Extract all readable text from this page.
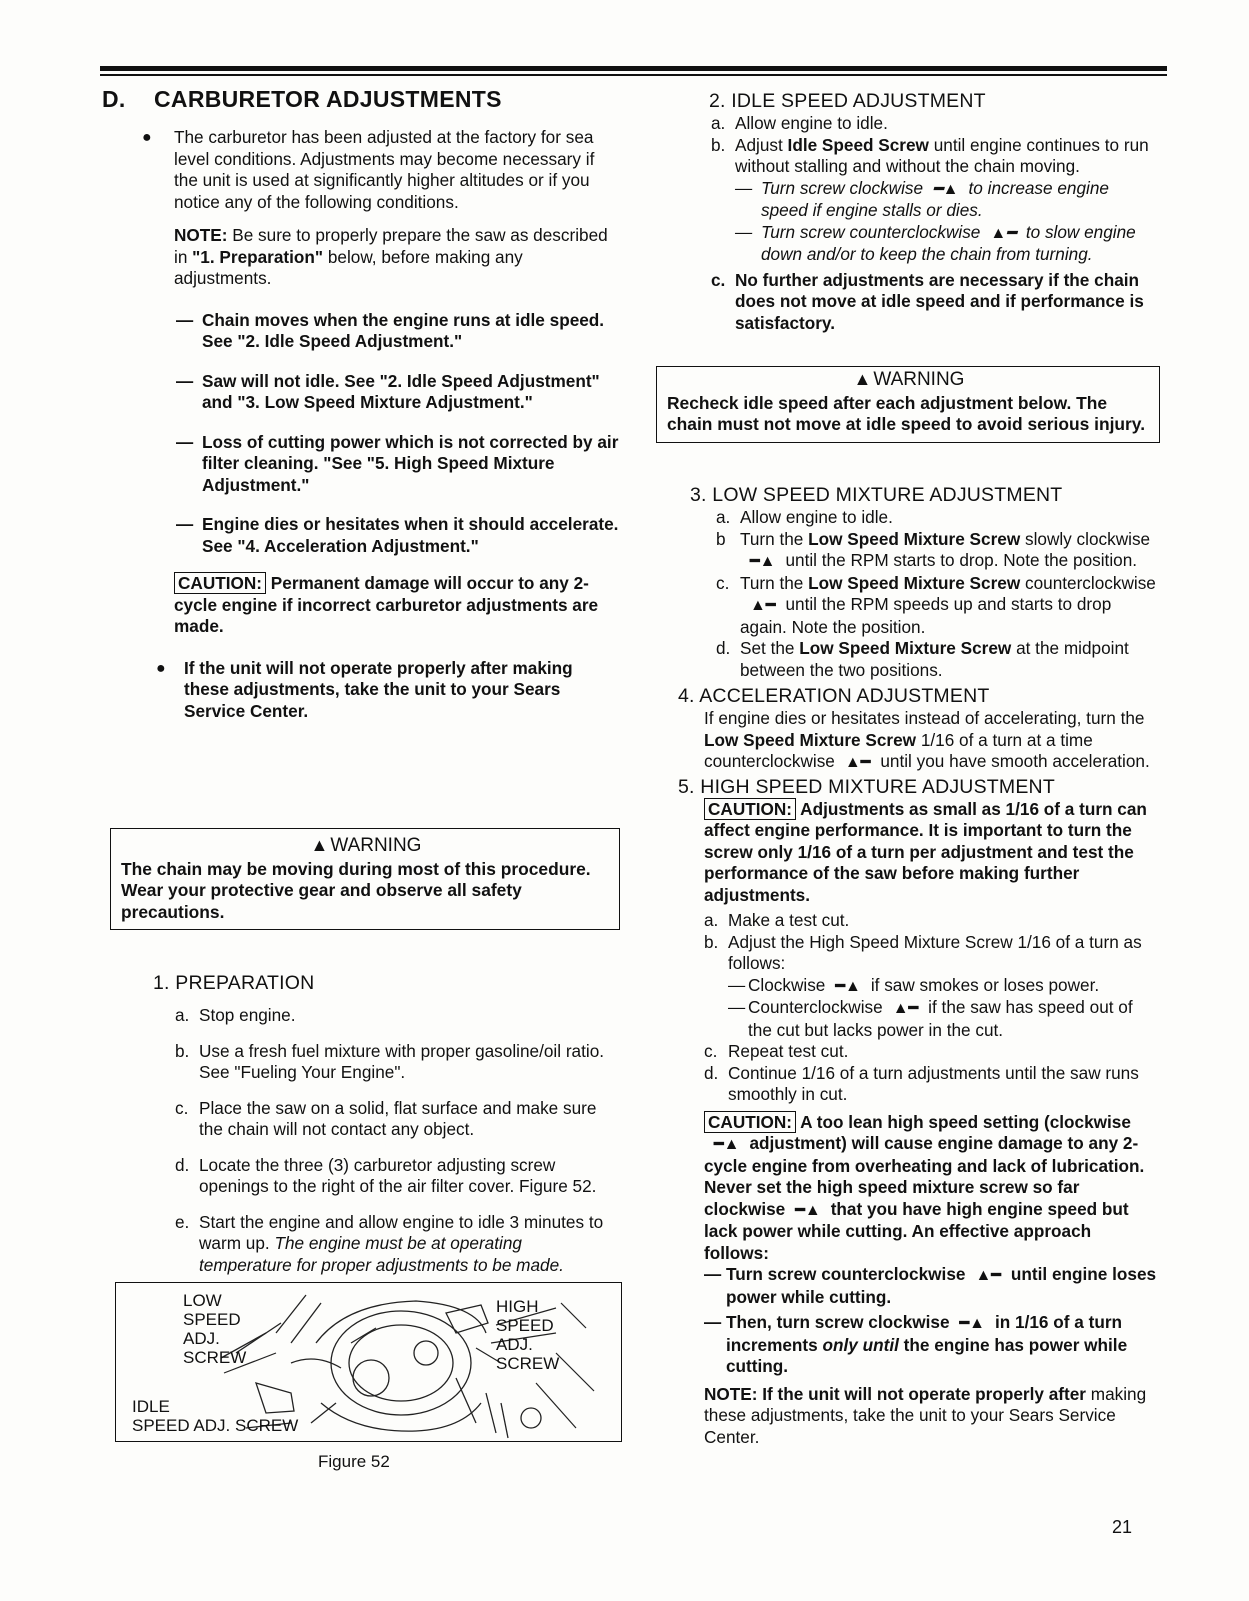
D. CARBURETOR ADJUSTMENTS
● The carburetor has been adjusted at the factory for sea level conditions. Adjustments may become necessary if the unit is used at significantly higher altitudes or if you notice any of the following conditions.
NOTE: Be sure to properly prepare the saw as described in "1. Preparation" below, before making any adjustments.
— Chain moves when the engine runs at idle speed. See "2. Idle Speed Adjustment."
— Saw will not idle. See "2. Idle Speed Adjustment" and "3. Low Speed Mixture Adjustment."
— Loss of cutting power which is not corrected by air filter cleaning. "See "5. High Speed Mixture Adjustment."
— Engine dies or hesitates when it should accelerate. See "4. Acceleration Adjustment."
CAUTION: Permanent damage will occur to any 2-cycle engine if incorrect carburetor adjustments are made.
● If the unit will not operate properly after making these adjustments, take the unit to your Sears Service Center.
▲ WARNING
The chain may be moving during most of this procedure. Wear your protective gear and observe all safety precautions.
1. PREPARATION
a. Stop engine.
b. Use a fresh fuel mixture with proper gasoline/oil ratio. See "Fueling Your Engine".
c. Place the saw on a solid, flat surface and make sure the chain will not contact any object.
d. Locate the three (3) carburetor adjusting screw openings to the right of the air filter cover. Figure 52.
e. Start the engine and allow engine to idle 3 minutes to warm up. The engine must be at operating temperature for proper adjustments to be made.
LOW
SPEED
ADJ.
SCREW
HIGH
SPEED
ADJ.
SCREW
IDLE
SPEED ADJ. SCREW
Figure 52
2. IDLE SPEED ADJUSTMENT
a. Allow engine to idle.
b. Adjust Idle Speed Screw until engine continues to run without stalling and without the chain moving.
— Turn screw clockwise ━▲ to increase engine speed if engine stalls or dies.
— Turn screw counterclockwise ▲━ to slow engine down and/or to keep the chain from turning.
c. No further adjustments are necessary if the chain does not move at idle speed and if performance is satisfactory.
▲ WARNING
Recheck idle speed after each adjustment below. The chain must not move at idle speed to avoid serious injury.
3. LOW SPEED MIXTURE ADJUSTMENT
a. Allow engine to idle.
b Turn the Low Speed Mixture Screw slowly clockwise━▲ until the RPM starts to drop. Note the position.
c. Turn the Low Speed Mixture Screw counterclockwise▲━ until the RPM speeds up and starts to drop again. Note the position.
d. Set the Low Speed Mixture Screw at the midpoint between the two positions.
4. ACCELERATION ADJUSTMENT
If engine dies or hesitates instead of accelerating, turn the Low Speed Mixture Screw 1/16 of a turn at a time counterclockwise ▲━ until you have smooth acceleration.
5. HIGH SPEED MIXTURE ADJUSTMENT
CAUTION: Adjustments as small as 1/16 of a turn can affect engine performance. It is important to turn the screw only 1/16 of a turn per adjustment and test the performance of the saw before making further adjustments.
a. Make a test cut.
b. Adjust the High Speed Mixture Screw 1/16 of a turn as follows:
— Clockwise ━▲ if saw smokes or loses power.
— Counterclockwise ▲━ if the saw has speed out of the cut but lacks power in the cut.
c. Repeat test cut.
d. Continue 1/16 of a turn adjustments until the saw runs smoothly in cut.
CAUTION: A too lean high speed setting (clockwise━▲ adjustment) will cause engine damage to any 2-cycle engine from overheating and lack of lubrication. Never set the high speed mixture screw so far clockwise ━▲ that you have high engine speed but lack power while cutting. An effective approach follows:
— Turn screw counterclockwise ▲━ until engine loses power while cutting.
— Then, turn screw clockwise ━▲ in 1/16 of a turn increments only until the engine has power while cutting.
NOTE: If the unit will not operate properly after making these adjustments, take the unit to your Sears Service Center.
21
